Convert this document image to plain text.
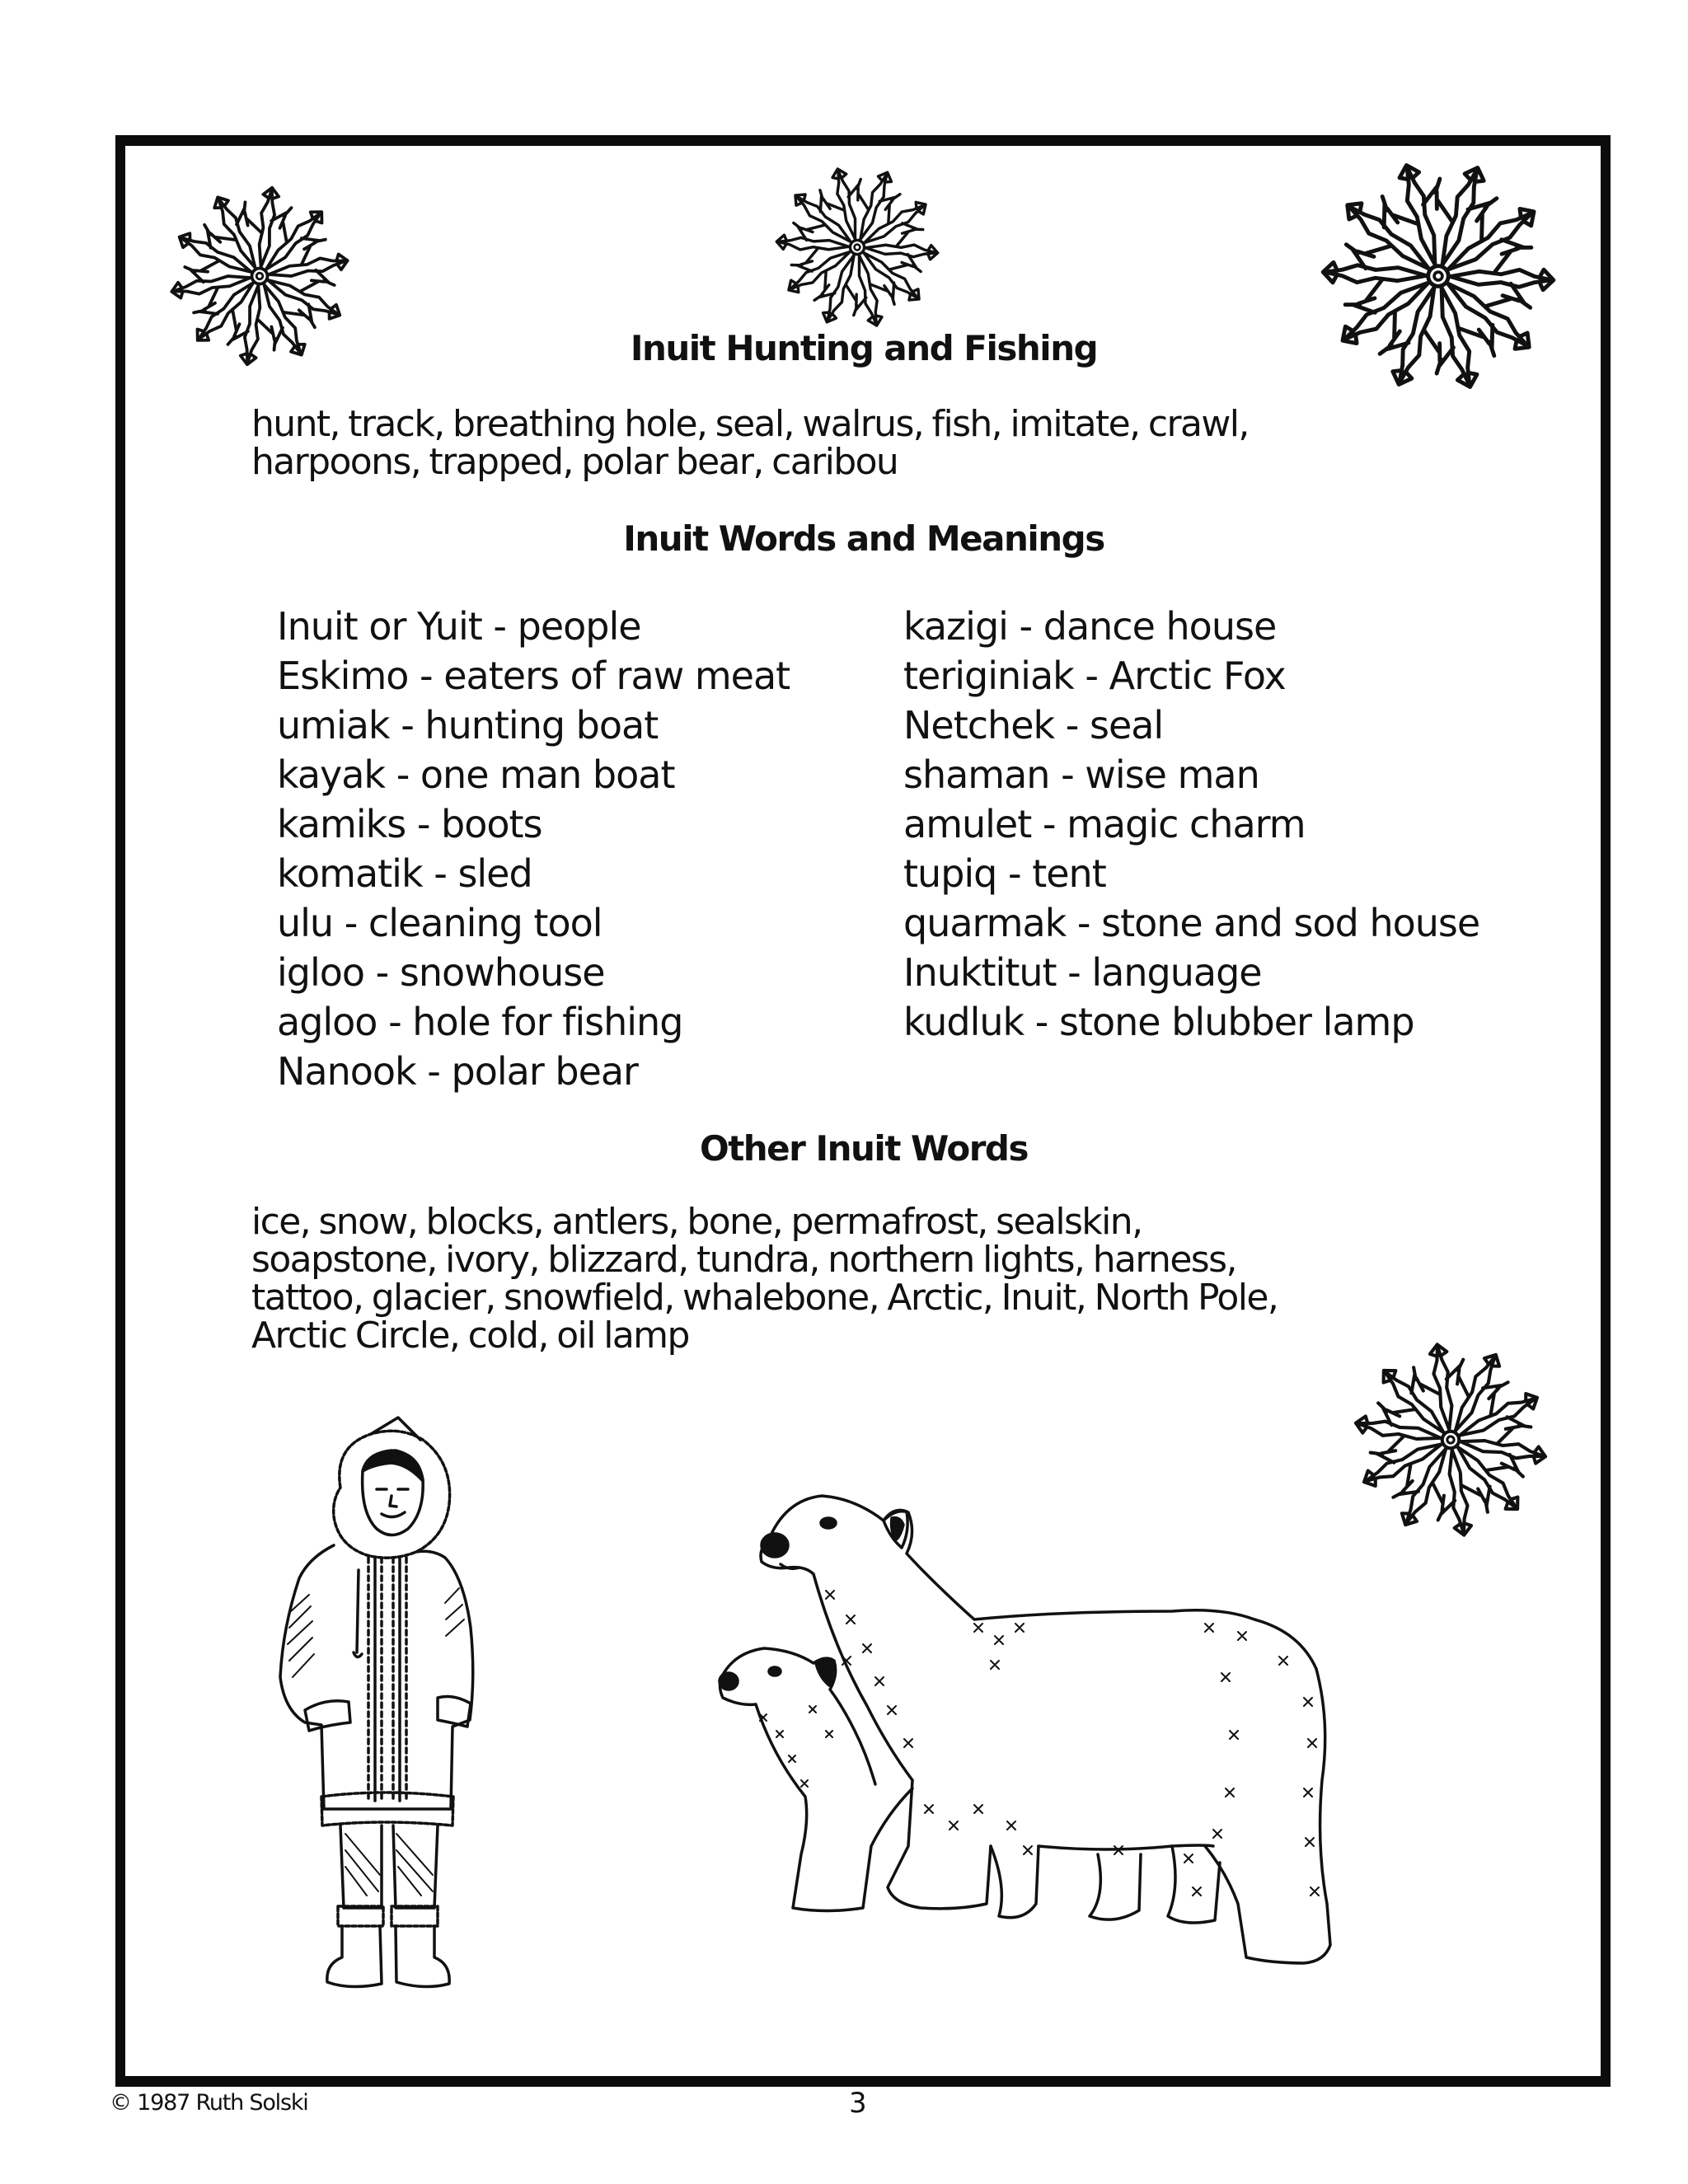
Inuit Hunting and Fishing
hunt, track, breathing hole, seal, walrus, fish, imitate, crawl,
harpoons, trapped, polar bear, caribou
Inuit Words and Meanings
Inuit or Yuit - people
Eskimo - eaters of raw meat
umiak - hunting boat
kayak - one man boat
kamiks - boots
komatik - sled
ulu - cleaning tool
igloo - snowhouse
agloo - hole for fishing
Nanook - polar bear
kazigi - dance house
teriginiak - Arctic Fox
Netchek - seal
shaman - wise man
amulet - magic charm
tupiq - tent
quarmak - stone and sod house
Inuktitut - language
kudluk - stone blubber lamp
Other Inuit Words
ice, snow, blocks, antlers, bone, permafrost, sealskin,
soapstone, ivory, blizzard, tundra, northern lights, harness,
tattoo, glacier, snowfield, whalebone, Arctic, Inuit, North Pole,
Arctic Circle, cold, oil lamp
© 1987 Ruth Solski	3
